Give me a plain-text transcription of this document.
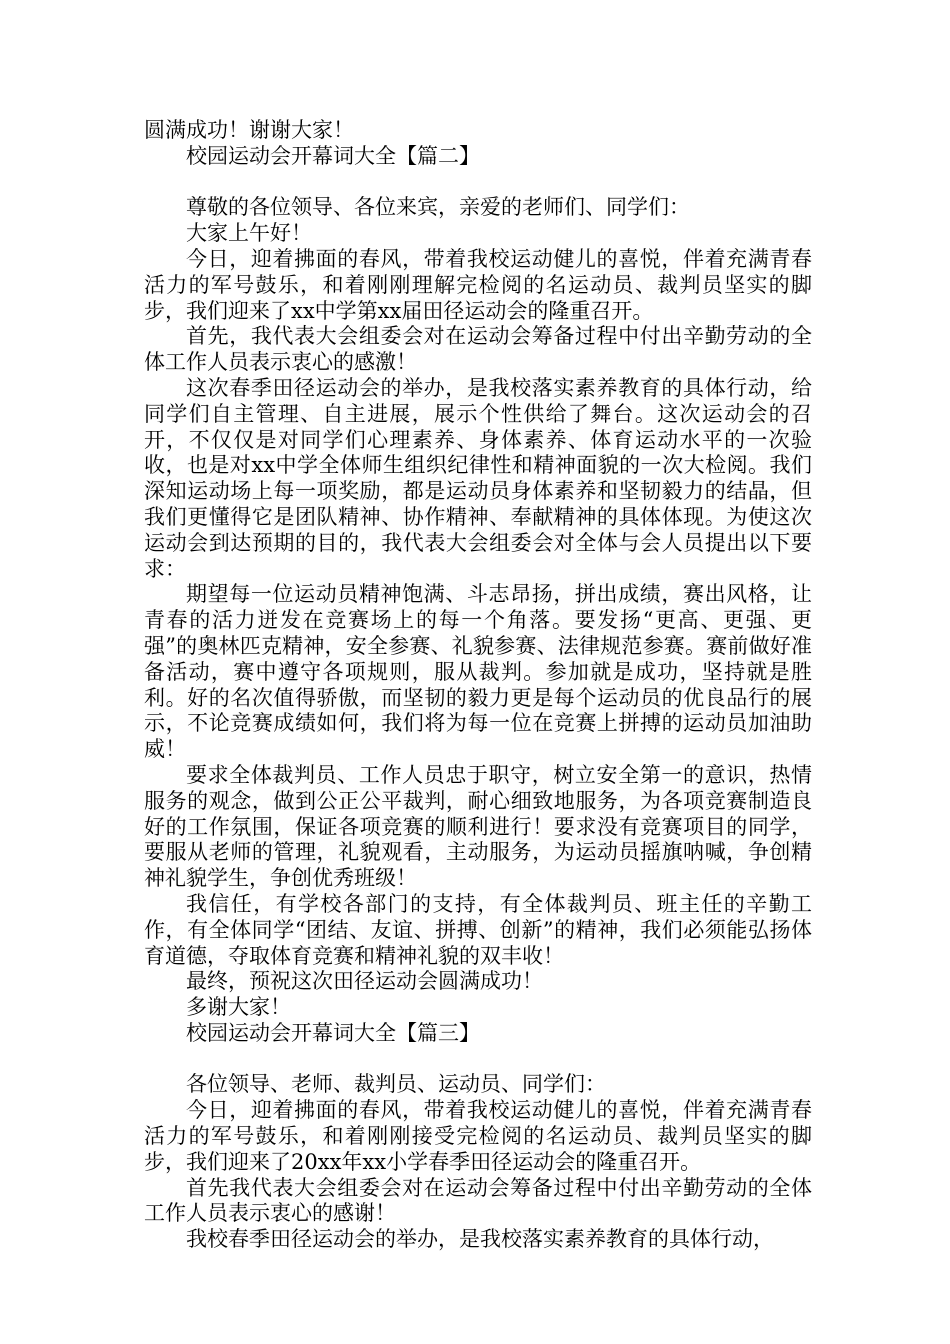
圆满成功！谢谢大家！

校园运动会开幕词大全【篇二】

尊敬的各位领导、各位来宾，亲爱的老师们、同学们：

大家上午好！

今日，迎着拂面的春风，带着我校运动健儿的喜悦，伴着充满青春活力的军号鼓乐，和着刚刚理解完检阅的名运动员、裁判员坚实的脚步，我们迎来了xx中学第xx届田径运动会的隆重召开。

首先，我代表大会组委会对在运动会筹备过程中付出辛勤劳动的全体工作人员表示衷心的感激！

这次春季田径运动会的举办，是我校落实素养教育的具体行动，给同学们自主管理、自主进展，展示个性供给了舞台。这次运动会的召开，不仅仅是对同学们心理素养、身体素养、体育运动水平的一次验收，也是对xx中学全体师生组织纪律性和精神面貌的一次大检阅。我们深知运动场上每一项奖励，都是运动员身体素养和坚韧毅力的结晶，但我们更懂得它是团队精神、协作精神、奉献精神的具体体现。为使这次运动会到达预期的目的，我代表大会组委会对全体与会人员提出以下要求：

期望每一位运动员精神饱满、斗志昂扬，拼出成绩，赛出风格，让青春的活力迸发在竞赛场上的每一个角落。要发扬“更高、更强、更强”的奥林匹克精神，安全参赛、礼貌参赛、法律规范参赛。赛前做好准备活动，赛中遵守各项规则，服从裁判。参加就是成功，坚持就是胜利。好的名次值得骄傲，而坚韧的毅力更是每个运动员的优良品行的展示，不论竞赛成绩如何，我们将为每一位在竞赛上拼搏的运动员加油助威！

要求全体裁判员、工作人员忠于职守，树立安全第一的意识，热情服务的观念，做到公正公平裁判，耐心细致地服务，为各项竞赛制造良好的工作氛围，保证各项竞赛的顺利进行！要求没有竞赛项目的同学，要服从老师的管理，礼貌观看，主动服务，为运动员摇旗呐喊，争创精神礼貌学生，争创优秀班级！

我信任，有学校各部门的支持，有全体裁判员、班主任的辛勤工作，有全体同学“团结、友谊、拼搏、创新”的精神，我们必须能弘扬体育道德，夺取体育竞赛和精神礼貌的双丰收！

最终，预祝这次田径运动会圆满成功！

多谢大家！

校园运动会开幕词大全【篇三】

各位领导、老师、裁判员、运动员、同学们：

今日，迎着拂面的春风，带着我校运动健儿的喜悦，伴着充满青春活力的军号鼓乐，和着刚刚接受完检阅的名运动员、裁判员坚实的脚步，我们迎来了20xx年xx小学春季田径运动会的隆重召开。

首先我代表大会组委会对在运动会筹备过程中付出辛勤劳动的全体工作人员表示衷心的感谢！

我校春季田径运动会的举办，是我校落实素养教育的具体行动，
